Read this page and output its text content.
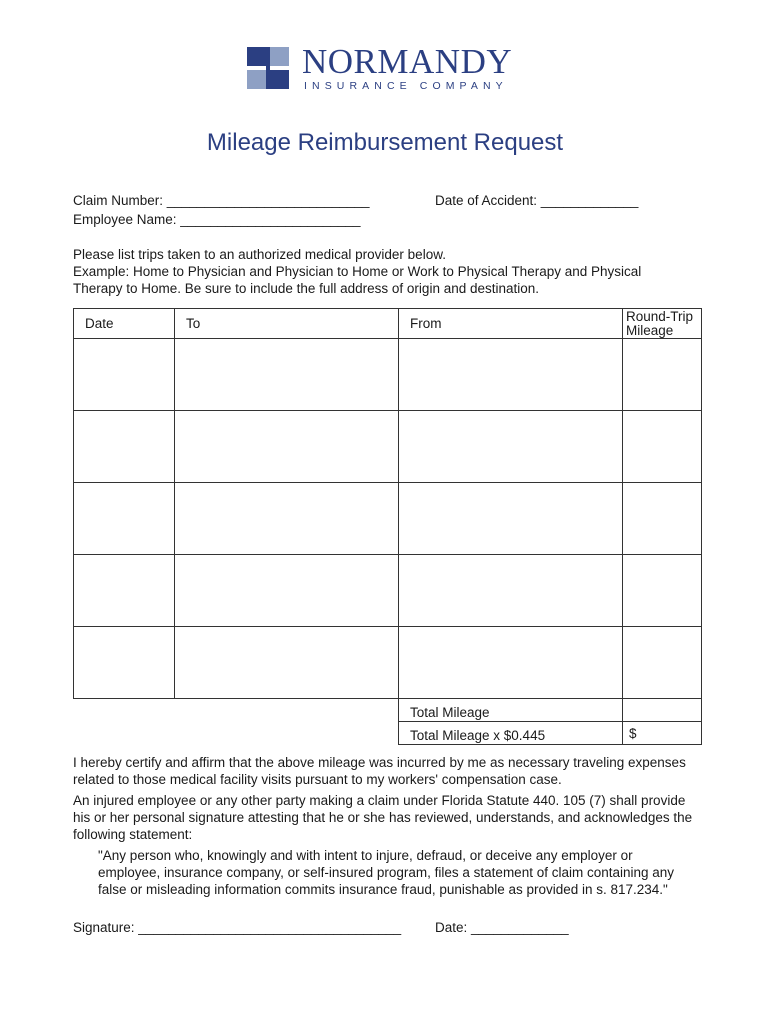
NORMANDY
INSURANCE COMPANY
Mileage Reimbursement Request
Claim Number: ___________________________	Date of Accident: _____________
Employee Name: ________________________
Please list trips taken to an authorized medical provider below.
Example: Home to Physician and Physician to Home or Work to Physical Therapy and Physical
Therapy to Home. Be sure to include the full address of origin and destination.
Date	To	From	Round-Trip
Mileage

		Total Mileage	
		Total Mileage x $0.445	$
I hereby certify and affirm that the above mileage was incurred by me as necessary traveling expenses
related to those medical facility visits pursuant to my workers' compensation case.
An injured employee or any other party making a claim under Florida Statute 440. 105 (7) shall provide
his or her personal signature attesting that he or she has reviewed, understands, and acknowledges the
following statement:
"Any person who, knowingly and with intent to injure, defraud, or deceive any employer or
employee, insurance company, or self-insured program, files a statement of claim containing any
false or misleading information commits insurance fraud, punishable as provided in s. 817.234."
Signature: ___________________________________	Date: _____________
